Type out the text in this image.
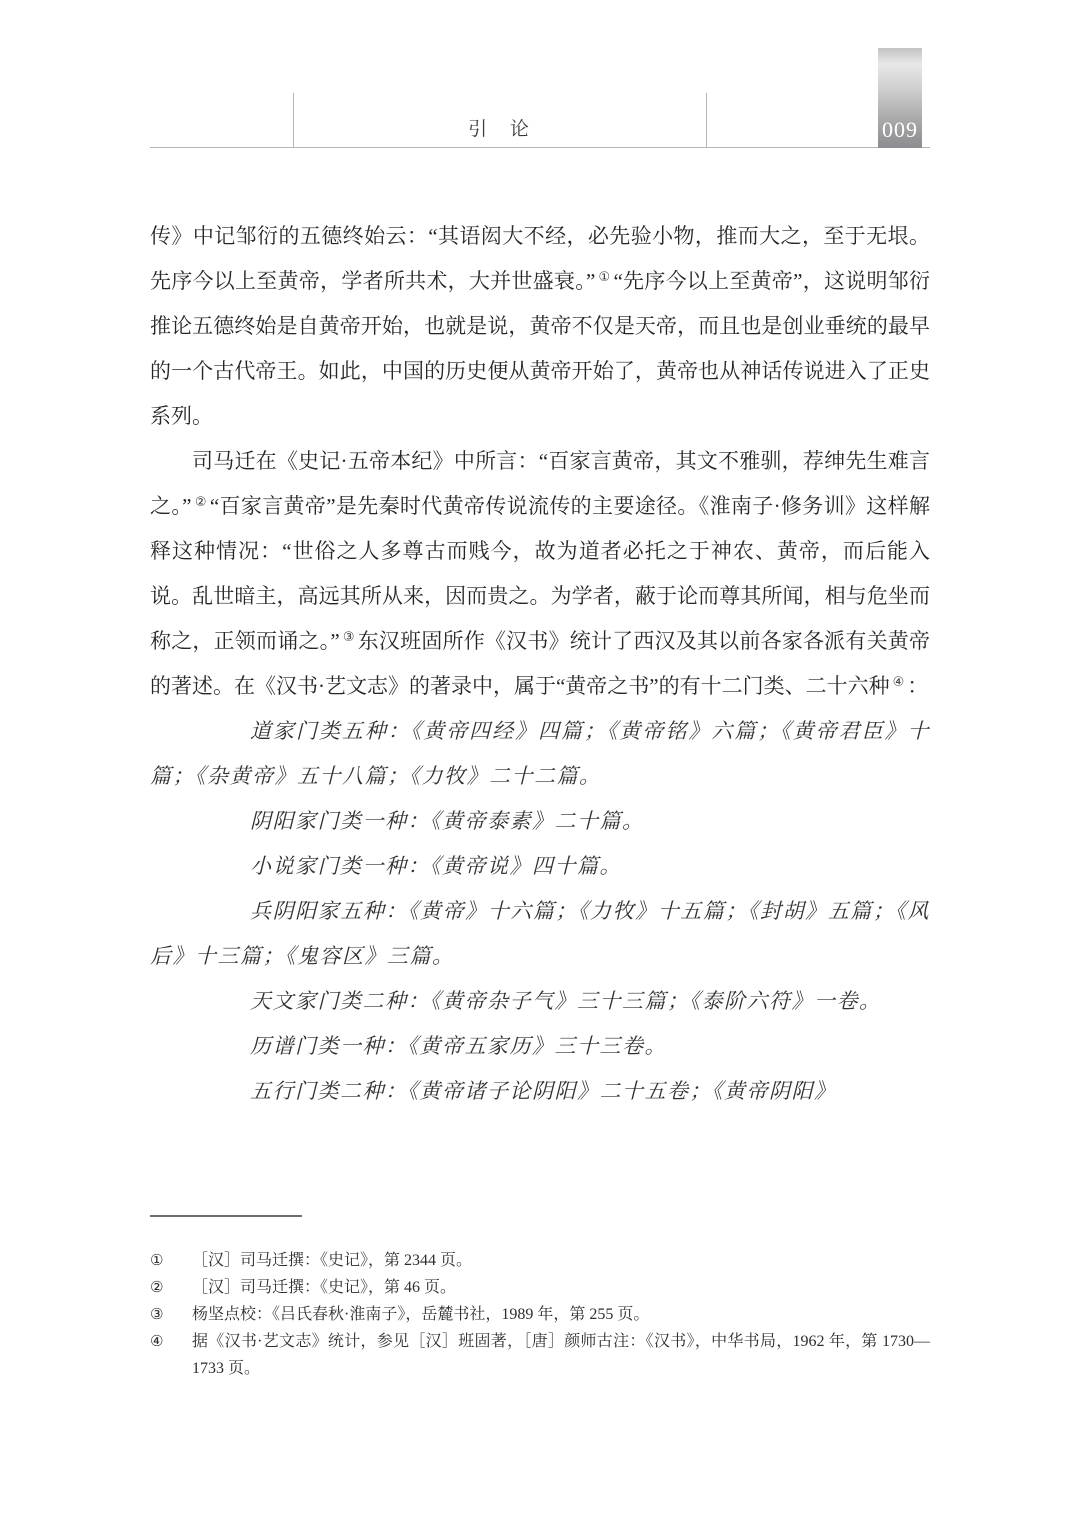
引 论	009

传》中记邹衍的五德终始云：“其语闳大不经，必先验小物，推而大之，至于无垠。先序今以上至黄帝，学者所共术，大并世盛衰。” ① “先序今以上至黄帝”，这说明邹衍推论五德终始是自黄帝开始，也就是说，黄帝不仅是天帝，而且也是创业垂统的最早的一个古代帝王。如此，中国的历史便从黄帝开始了，黄帝也从神话传说进入了正史系列。

司马迁在《史记·五帝本纪》中所言：“百家言黄帝，其文不雅驯，荐绅先生难言之。” ② “百家言黄帝”是先秦时代黄帝传说流传的主要途径。《淮南子·修务训》这样解释这种情况：“世俗之人多尊古而贱今，故为道者必托之于神农、黄帝，而后能入说。乱世暗主，高远其所从来，因而贵之。为学者，蔽于论而尊其所闻，相与危坐而称之，正领而诵之。” ③ 东汉班固所作《汉书》统计了西汉及其以前各家各派有关黄帝的著述。在《汉书·艺文志》的著录中，属于“黄帝之书”的有十二门类、二十六种 ④ ：

道家门类五种：《黄帝四经》四篇；《黄帝铭》六篇；《黄帝君臣》十篇；《杂黄帝》五十八篇；《力牧》二十二篇。

阴阳家门类一种：《黄帝泰素》二十篇。

小说家门类一种：《黄帝说》四十篇。

兵阴阳家五种：《黄帝》十六篇；《力牧》十五篇；《封胡》五篇；《风后》十三篇；《鬼容区》三篇。

天文家门类二种：《黄帝杂子气》三十三篇；《泰阶六符》一卷。

历谱门类一种：《黄帝五家历》三十三卷。

五行门类二种：《黄帝诸子论阴阳》二十五卷；《黄帝阴阳》

①	［汉］司马迁撰：《史记》，第 2344 页。
②	［汉］司马迁撰：《史记》，第 46 页。
③	杨坚点校：《吕氏春秋·淮南子》，岳麓书社，1989 年，第 255 页。
④	据《汉书·艺文志》统计，参见［汉］班固著，［唐］颜师古注：《汉书》，中华书局，1962 年，第 1730—1733 页。
